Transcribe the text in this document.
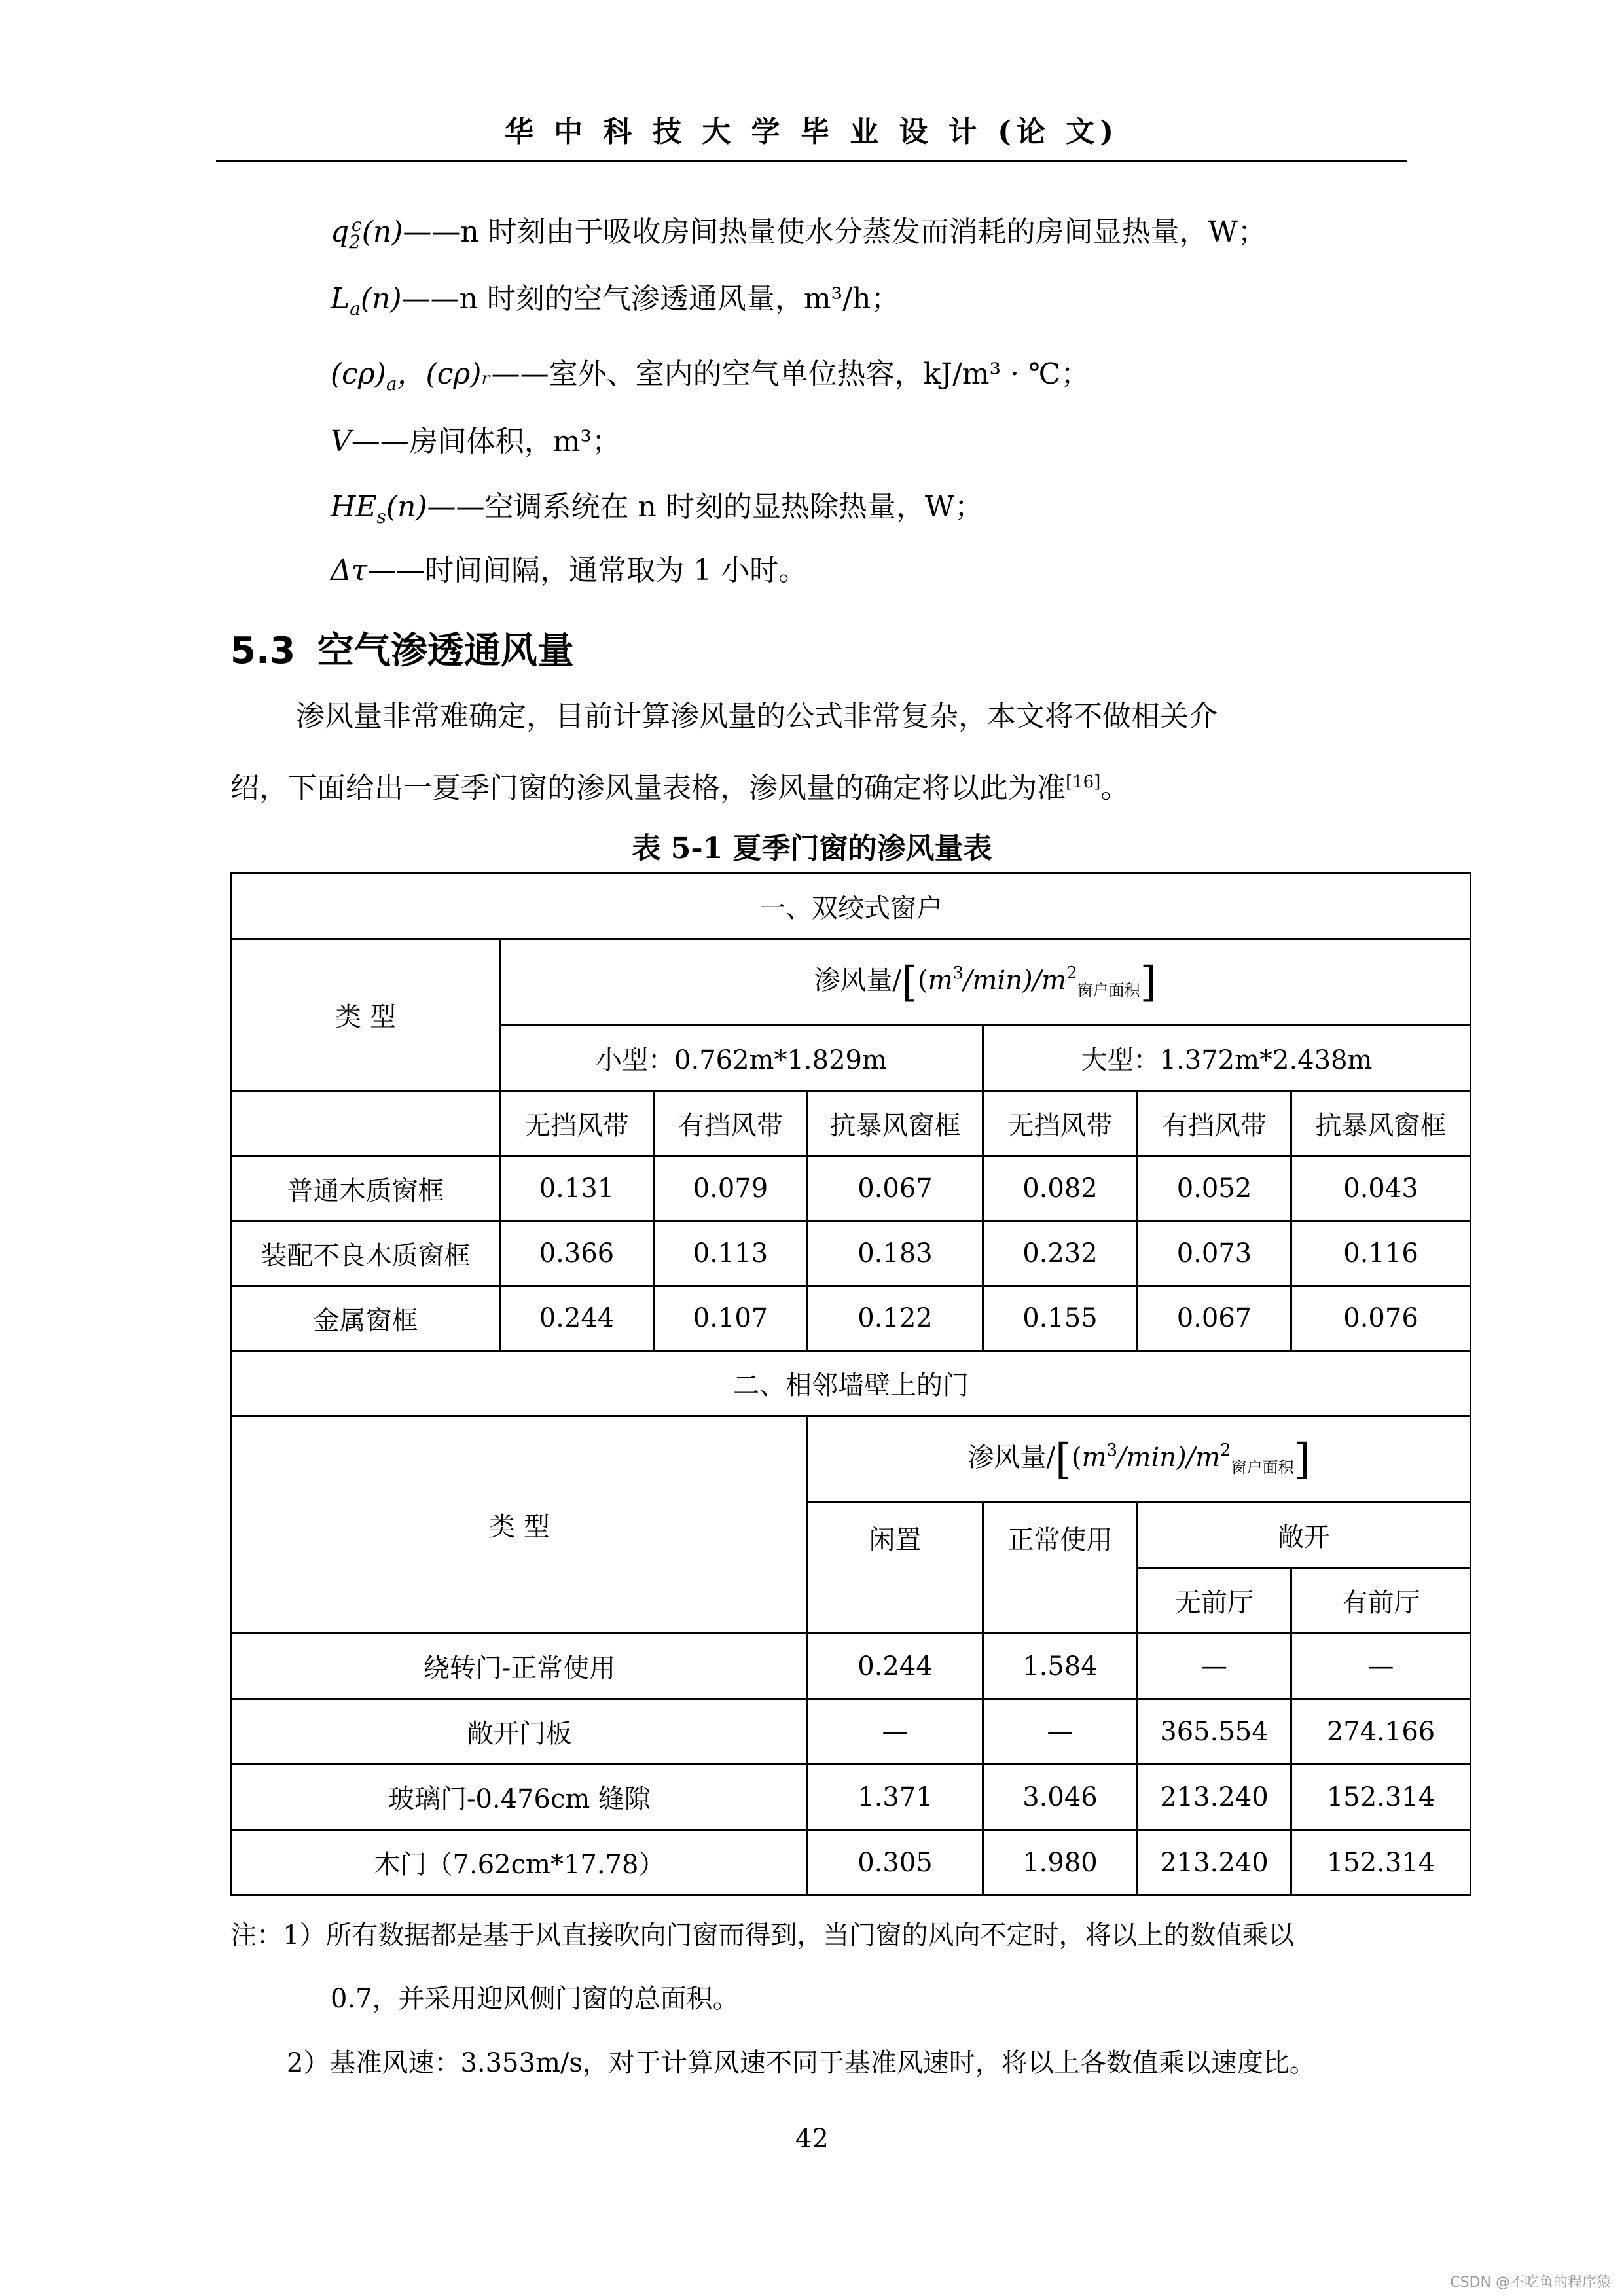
华 中 科 技 大 学 毕 业 设 计 (论 文)
$q_2^c(n)——n$ 时刻由于吸收房间热量使水分蒸发而消耗的房间显热量，W；
$L_a(n)——n$ 时刻的空气渗透通风量，m³/h；
$(c\rho)_a$，(cρ)ᵣ——室外、室内的空气单位热容，kJ/m³ · ℃；
V——房间体积，m³；
$HE_s(n)——$空调系统在 n 时刻的显热除热量，W；
Δτ——时间间隔，通常取为 1 小时。
5.3 空气渗透通风量
渗风量非常难确定，目前计算渗风量的公式非常复杂，本文将不做相关介
绍，下面给出一夏季门窗的渗风量表格，渗风量的确定将以此为准[16]。
表 5-1 夏季门窗的渗风量表
一、双绞式窗户						
类 型	渗风量$/[(m^3/\min)/m^2_{窗户面积}]$					
	小型：0.762m*1.829m			大型：1.372m*2.438m		
	无挡风带	有挡风带	抗暴风窗框	无挡风带	有挡风带	抗暴风窗框
普通木质窗框	0.131	0.079	0.067	0.082	0.052	0.043
装配不良木质窗框	0.366	0.113	0.183	0.232	0.073	0.116
金属窗框	0.244	0.107	0.122	0.155	0.067	0.076
二、相邻墙壁上的门						
类 型			渗风量$/[(m^3/\min)/m^2_{窗户面积}]$			
			闲置	正常使用	敞开	
					无前厅	有前厅
绕转门-正常使用			0.244	1.584	—	—
敞开门板			—	—	365.554	274.166
玻璃门-0.476cm 缝隙			1.371	3.046	213.240	152.314
木门（7.62cm*17.78）			0.305	1.980	213.240	152.314
注：1）所有数据都是基于风直接吹向门窗而得到，当门窗的风向不定时，将以上的数值乘以
0.7，并采用迎风侧门窗的总面积。
2）基准风速：3.353m/s，对于计算风速不同于基准风速时，将以上各数值乘以速度比。
42
CSDN @不吃鱼的程序猿
